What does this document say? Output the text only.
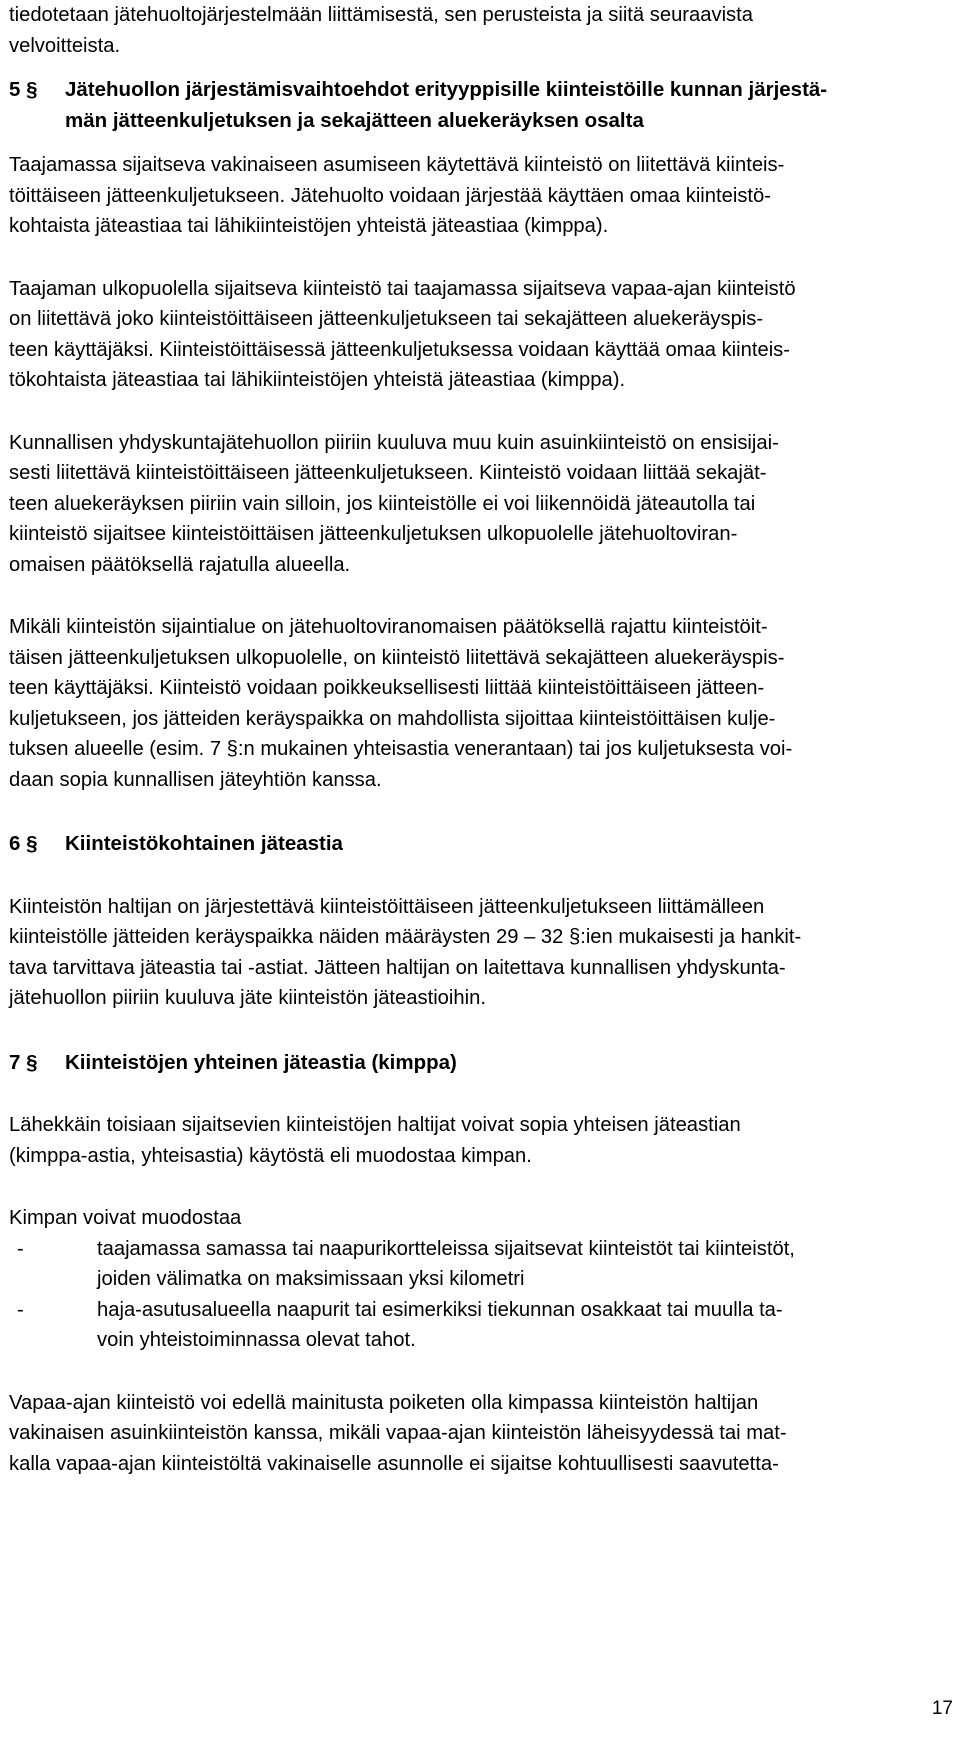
tiedotetaan jätehuoltojärjestelmään liittämisestä, sen perusteista ja siitä seuraavista
velvoitteista.
5 §	Jätehuollon järjestämisvaihtoehdot erityyppisille kiinteistöille kunnan järjestä-
män jätteenkuljetuksen ja sekajätteen aluekeräyksen osalta
Taajamassa sijaitseva vakinaiseen asumiseen käytettävä kiinteistö on liitettävä kiinteis-
töittäiseen jätteenkuljetukseen. Jätehuolto voidaan järjestää käyttäen omaa kiinteistö-
kohtaista jäteastiaa tai lähikiinteistöjen yhteistä jäteastiaa (kimppa).
Taajaman ulkopuolella sijaitseva kiinteistö tai taajamassa sijaitseva vapaa-ajan kiinteistö
on liitettävä joko kiinteistöittäiseen jätteenkuljetukseen tai sekajätteen aluekeräyspis-
teen käyttäjäksi. Kiinteistöittäisessä jätteenkuljetuksessa voidaan käyttää omaa kiinteis-
tökohtaista jäteastiaa tai lähikiinteistöjen yhteistä jäteastiaa (kimppa).
Kunnallisen yhdyskuntajätehuollon piiriin kuuluva muu kuin asuinkiinteistö on ensisijai-
sesti liitettävä kiinteistöittäiseen jätteenkuljetukseen. Kiinteistö voidaan liittää sekajät-
teen aluekeräyksen piiriin vain silloin, jos kiinteistölle ei voi liikennöidä jäteautolla tai
kiinteistö sijaitsee kiinteistöittäisen jätteenkuljetuksen ulkopuolelle jätehuoltoviran-
omaisen päätöksellä rajatulla alueella.
Mikäli kiinteistön sijaintialue on jätehuoltoviranomaisen päätöksellä rajattu kiinteistöit-
täisen jätteenkuljetuksen ulkopuolelle, on kiinteistö liitettävä sekajätteen aluekeräyspis-
teen käyttäjäksi. Kiinteistö voidaan poikkeuksellisesti liittää kiinteistöittäiseen jätteen-
kuljetukseen, jos jätteiden keräyspaikka on mahdollista sijoittaa kiinteistöittäisen kulje-
tuksen alueelle (esim. 7 §:n mukainen yhteisastia venerantaan) tai jos kuljetuksesta voi-
daan sopia kunnallisen jäteyhtiön kanssa.
6 §	Kiinteistökohtainen jäteastia
Kiinteistön haltijan on järjestettävä kiinteistöittäiseen jätteenkuljetukseen liittämälleen
kiinteistölle jätteiden keräyspaikka näiden määräysten 29 – 32 §:ien mukaisesti ja hankit-
tava tarvittava jäteastia tai -astiat. Jätteen haltijan on laitettava kunnallisen yhdyskunta-
jätehuollon piiriin kuuluva jäte kiinteistön jäteastioihin.
7 §	Kiinteistöjen yhteinen jäteastia (kimppa)
Lähekkäin toisiaan sijaitsevien kiinteistöjen haltijat voivat sopia yhteisen jäteastian
(kimppa-astia, yhteisastia) käytöstä eli muodostaa kimpan.
Kimpan voivat muodostaa
-	taajamassa samassa tai naapurikortteleissa sijaitsevat kiinteistöt tai kiinteistöt,
joiden välimatka on maksimissaan yksi kilometri
-	haja-asutusalueella naapurit tai esimerkiksi tiekunnan osakkaat tai muulla ta-
voin yhteistoiminnassa olevat tahot.
Vapaa-ajan kiinteistö voi edellä mainitusta poiketen olla kimpassa kiinteistön haltijan
vakinaisen asuinkiinteistön kanssa, mikäli vapaa-ajan kiinteistön läheisyydessä tai mat-
kalla vapaa-ajan kiinteistöltä vakinaiselle asunnolle ei sijaitse kohtuullisesti saavutetta-
17
